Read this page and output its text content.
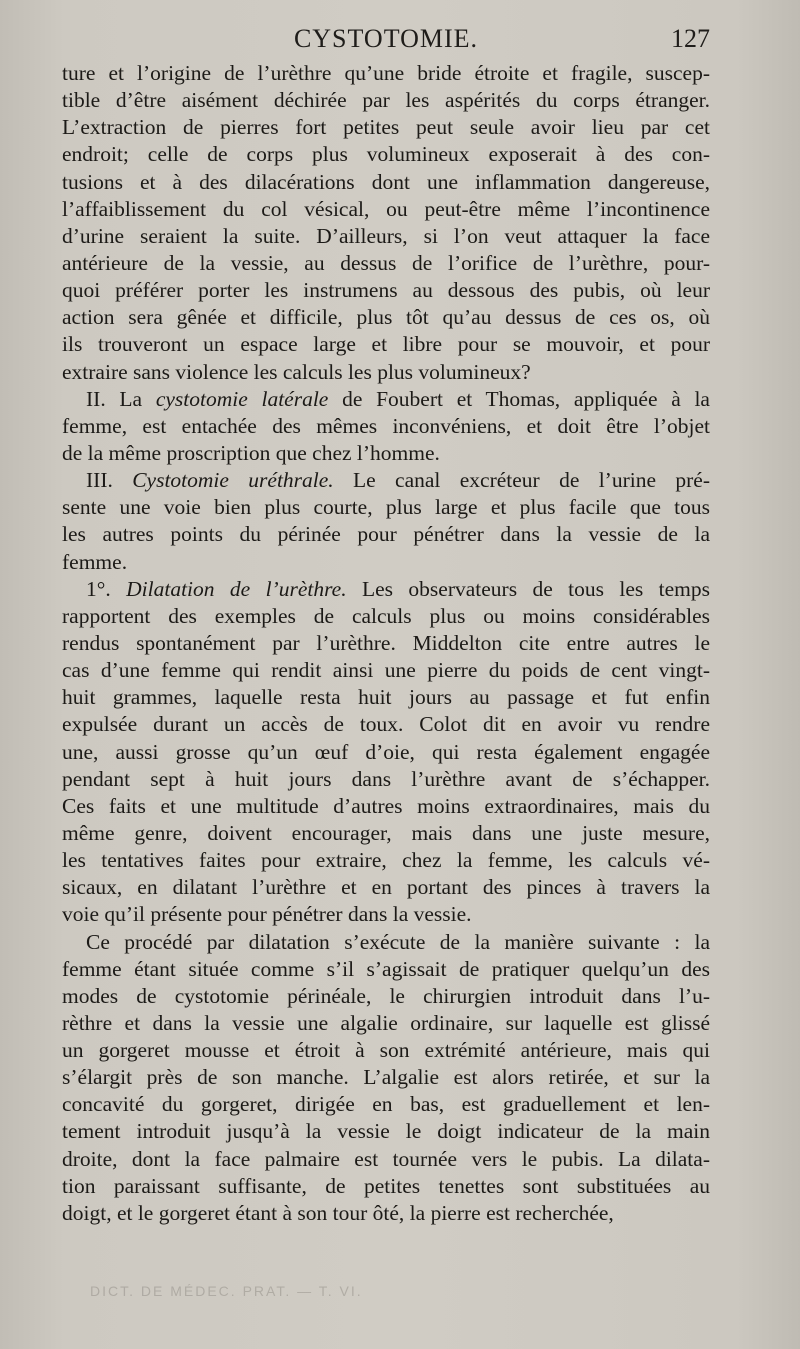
CYSTOTOMIE.	127
ture et l’origine de l’urèthre qu’une bride étroite et fragile, suscep-
tible d’être aisément déchirée par les aspérités du corps étranger.
L’extraction de pierres fort petites peut seule avoir lieu par cet
endroit; celle de corps plus volumineux exposerait à des con-
tusions et à des dilacérations dont une inflammation dangereuse,
l’affaiblissement du col vésical, ou peut-être même l’incontinence
d’urine seraient la suite. D’ailleurs, si l’on veut attaquer la face
antérieure de la vessie, au dessus de l’orifice de l’urèthre, pour-
quoi préférer porter les instrumens au dessous des pubis, où leur
action sera gênée et difficile, plus tôt qu’au dessus de ces os, où
ils trouveront un espace large et libre pour se mouvoir, et pour
extraire sans violence les calculs les plus volumineux?
II. La cystotomie latérale de Foubert et Thomas, appliquée à la
femme, est entachée des mêmes inconvéniens, et doit être l’objet
de la même proscription que chez l’homme.
III. Cystotomie uréthrale. Le canal excréteur de l’urine pré-
sente une voie bien plus courte, plus large et plus facile que tous
les autres points du périnée pour pénétrer dans la vessie de la
femme.
1°. Dilatation de l’urèthre. Les observateurs de tous les temps
rapportent des exemples de calculs plus ou moins considérables
rendus spontanément par l’urèthre. Middelton cite entre autres le
cas d’une femme qui rendit ainsi une pierre du poids de cent vingt-
huit grammes, laquelle resta huit jours au passage et fut enfin
expulsée durant un accès de toux. Colot dit en avoir vu rendre
une, aussi grosse qu’un œuf d’oie, qui resta également engagée
pendant sept à huit jours dans l’urèthre avant de s’échapper.
Ces faits et une multitude d’autres moins extraordinaires, mais du
même genre, doivent encourager, mais dans une juste mesure,
les tentatives faites pour extraire, chez la femme, les calculs vé-
sicaux, en dilatant l’urèthre et en portant des pinces à travers la
voie qu’il présente pour pénétrer dans la vessie.
Ce procédé par dilatation s’exécute de la manière suivante : la
femme étant située comme s’il s’agissait de pratiquer quelqu’un des
modes de cystotomie périnéale, le chirurgien introduit dans l’u-
rèthre et dans la vessie une algalie ordinaire, sur laquelle est glissé
un gorgeret mousse et étroit à son extrémité antérieure, mais qui
s’élargit près de son manche. L’algalie est alors retirée, et sur la
concavité du gorgeret, dirigée en bas, est graduellement et len-
tement introduit jusqu’à la vessie le doigt indicateur de la main
droite, dont la face palmaire est tournée vers le pubis. La dilata-
tion paraissant suffisante, de petites tenettes sont substituées au
doigt, et le gorgeret étant à son tour ôté, la pierre est recherchée,
DICT. DE MÉDEC. PRAT. — T. VI.
